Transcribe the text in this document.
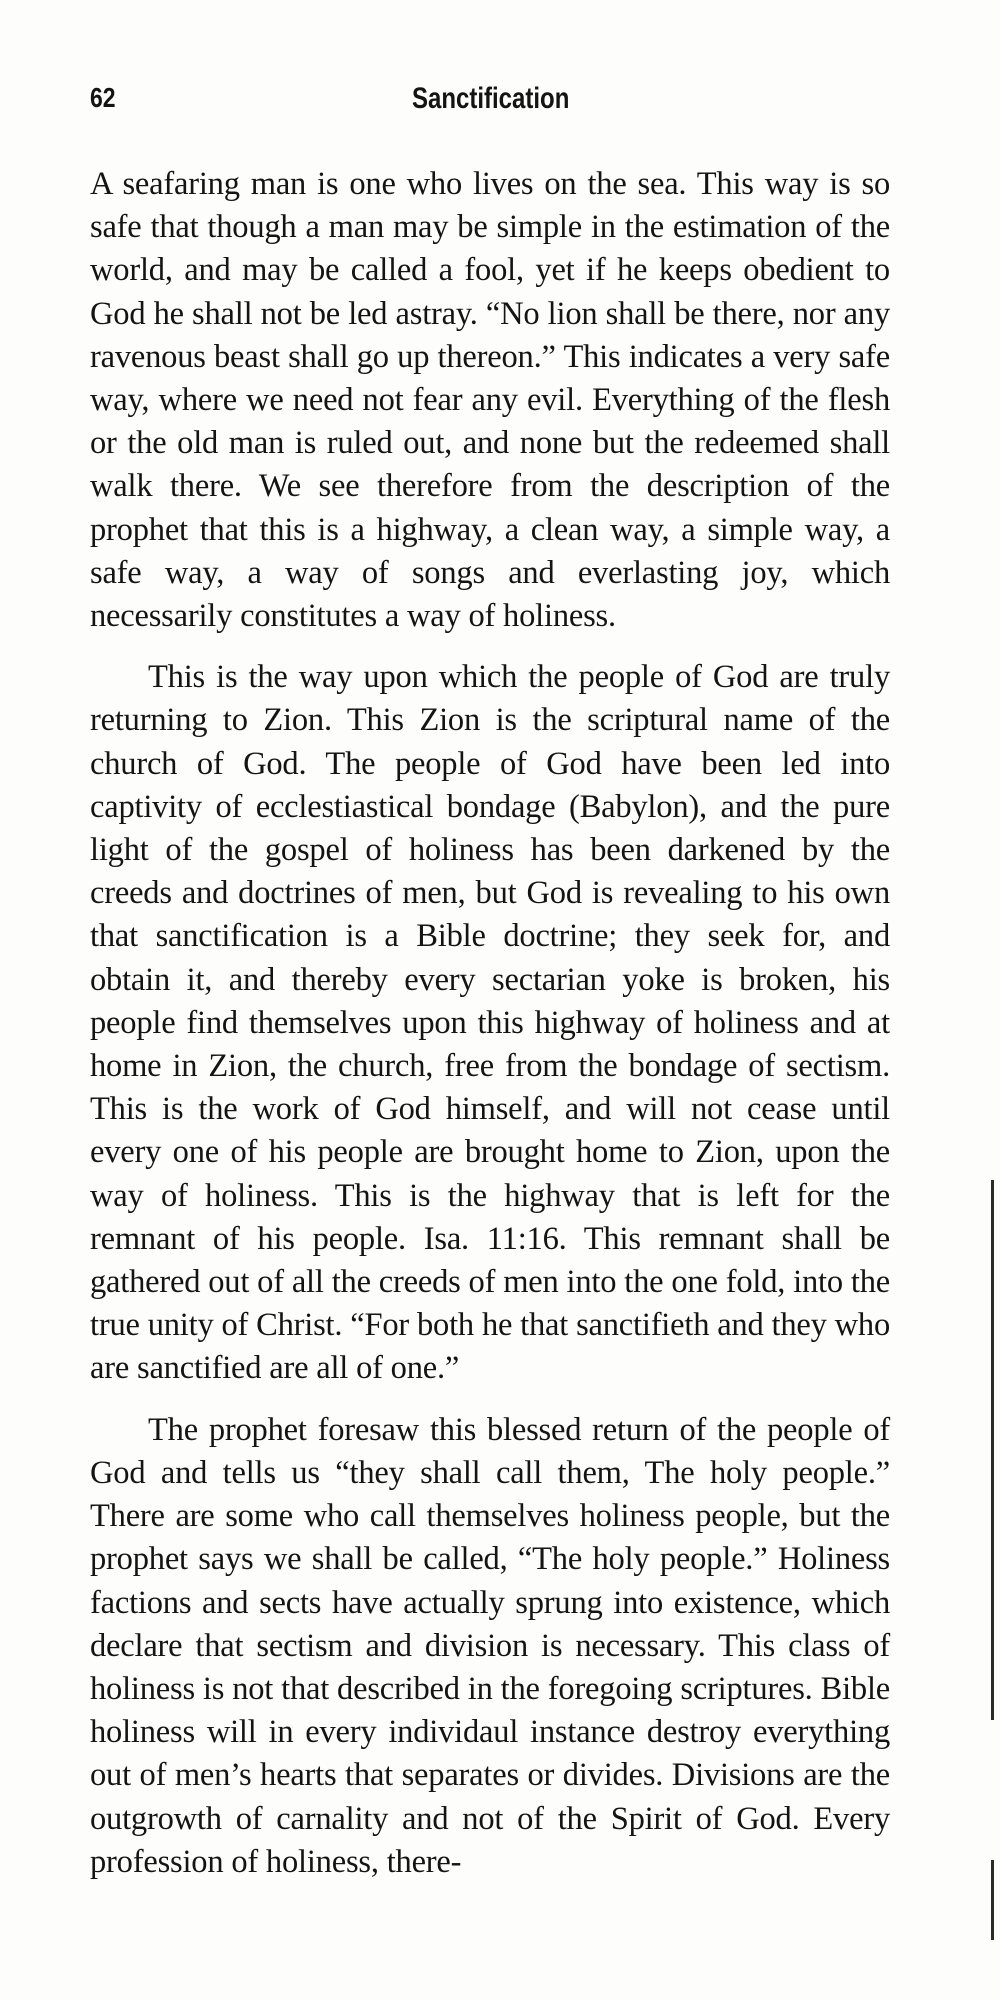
62	Sanctification

A seafaring man is one who lives on the sea. This way is so safe that though a man may be simple in the estimation of the world, and may be called a fool, yet if he keeps obedient to God he shall not be led astray. “No lion shall be there, nor any ravenous beast shall go up thereon.” This indicates a very safe way, where we need not fear any evil. Everything of the flesh or the old man is ruled out, and none but the redeemed shall walk there. We see therefore from the description of the prophet that this is a highway, a clean way, a simple way, a safe way, a way of songs and everlasting joy, which necessarily constitutes a way of holiness.

This is the way upon which the people of God are truly returning to Zion. This Zion is the scriptural name of the church of God. The people of God have been led into captivity of ecclestiastical bondage (Babylon), and the pure light of the gospel of holiness has been darkened by the creeds and doctrines of men, but God is revealing to his own that sanctification is a Bible doctrine; they seek for, and obtain it, and thereby every sectarian yoke is broken, his people find themselves upon this highway of holiness and at home in Zion, the church, free from the bondage of sectism. This is the work of God himself, and will not cease until every one of his people are brought home to Zion, upon the way of holiness. This is the highway that is left for the remnant of his people. Isa. 11:16. This remnant shall be gathered out of all the creeds of men into the one fold, into the true unity of Christ. “For both he that sanctifieth and they who are sanctified are all of one.”

The prophet foresaw this blessed return of the people of God and tells us “they shall call them, The holy people.” There are some who call themselves holiness people, but the prophet says we shall be called, “The holy people.” Holiness factions and sects have actually sprung into existence, which declare that sectism and division is necessary. This class of holiness is not that described in the foregoing scriptures. Bible holiness will in every individaul instance destroy everything out of men’s hearts that separates or divides. Divisions are the outgrowth of carnality and not of the Spirit of God. Every profession of holiness, there-
